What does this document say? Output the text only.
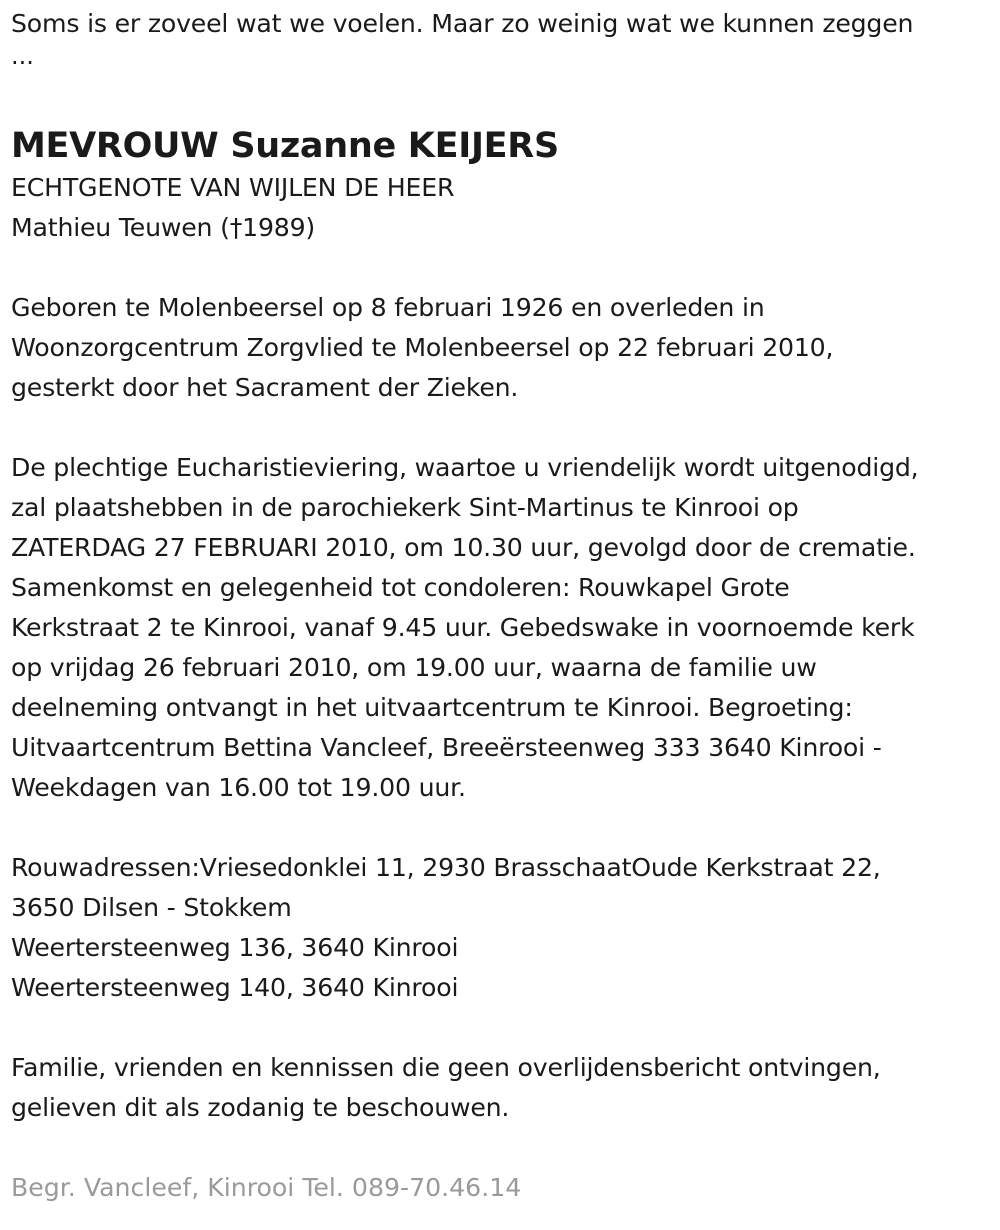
Soms is er zoveel wat we voelen. Maar zo weinig wat we kunnen zeggen
...
MEVROUW Suzanne KEIJERS
ECHTGENOTE VAN WIJLEN DE HEER
Mathieu Teuwen (†1989)
Geboren te Molenbeersel op 8 februari 1926 en overleden in
Woonzorgcentrum Zorgvlied te Molenbeersel op 22 februari 2010,
gesterkt door het Sacrament der Zieken.
De plechtige Eucharistieviering, waartoe u vriendelijk wordt uitgenodigd,
zal plaatshebben in de parochiekerk Sint-Martinus te Kinrooi op
ZATERDAG 27 FEBRUARI 2010, om 10.30 uur, gevolgd door de crematie.
Samenkomst en gelegenheid tot condoleren: Rouwkapel Grote
Kerkstraat 2 te Kinrooi, vanaf 9.45 uur. Gebedswake in voornoemde kerk
op vrijdag 26 februari 2010, om 19.00 uur, waarna de familie uw
deelneming ontvangt in het uitvaartcentrum te Kinrooi. Begroeting:
Uitvaartcentrum Bettina Vancleef, Breeërsteenweg 333 3640 Kinrooi -
Weekdagen van 16.00 tot 19.00 uur.
Rouwadressen:Vriesedonklei 11, 2930 BrasschaatOude Kerkstraat 22,
3650 Dilsen - Stokkem
Weertersteenweg 136, 3640 Kinrooi
Weertersteenweg 140, 3640 Kinrooi
Familie, vrienden en kennissen die geen overlijdensbericht ontvingen,
gelieven dit als zodanig te beschouwen.
Begr. Vancleef, Kinrooi Tel. 089-70.46.14
